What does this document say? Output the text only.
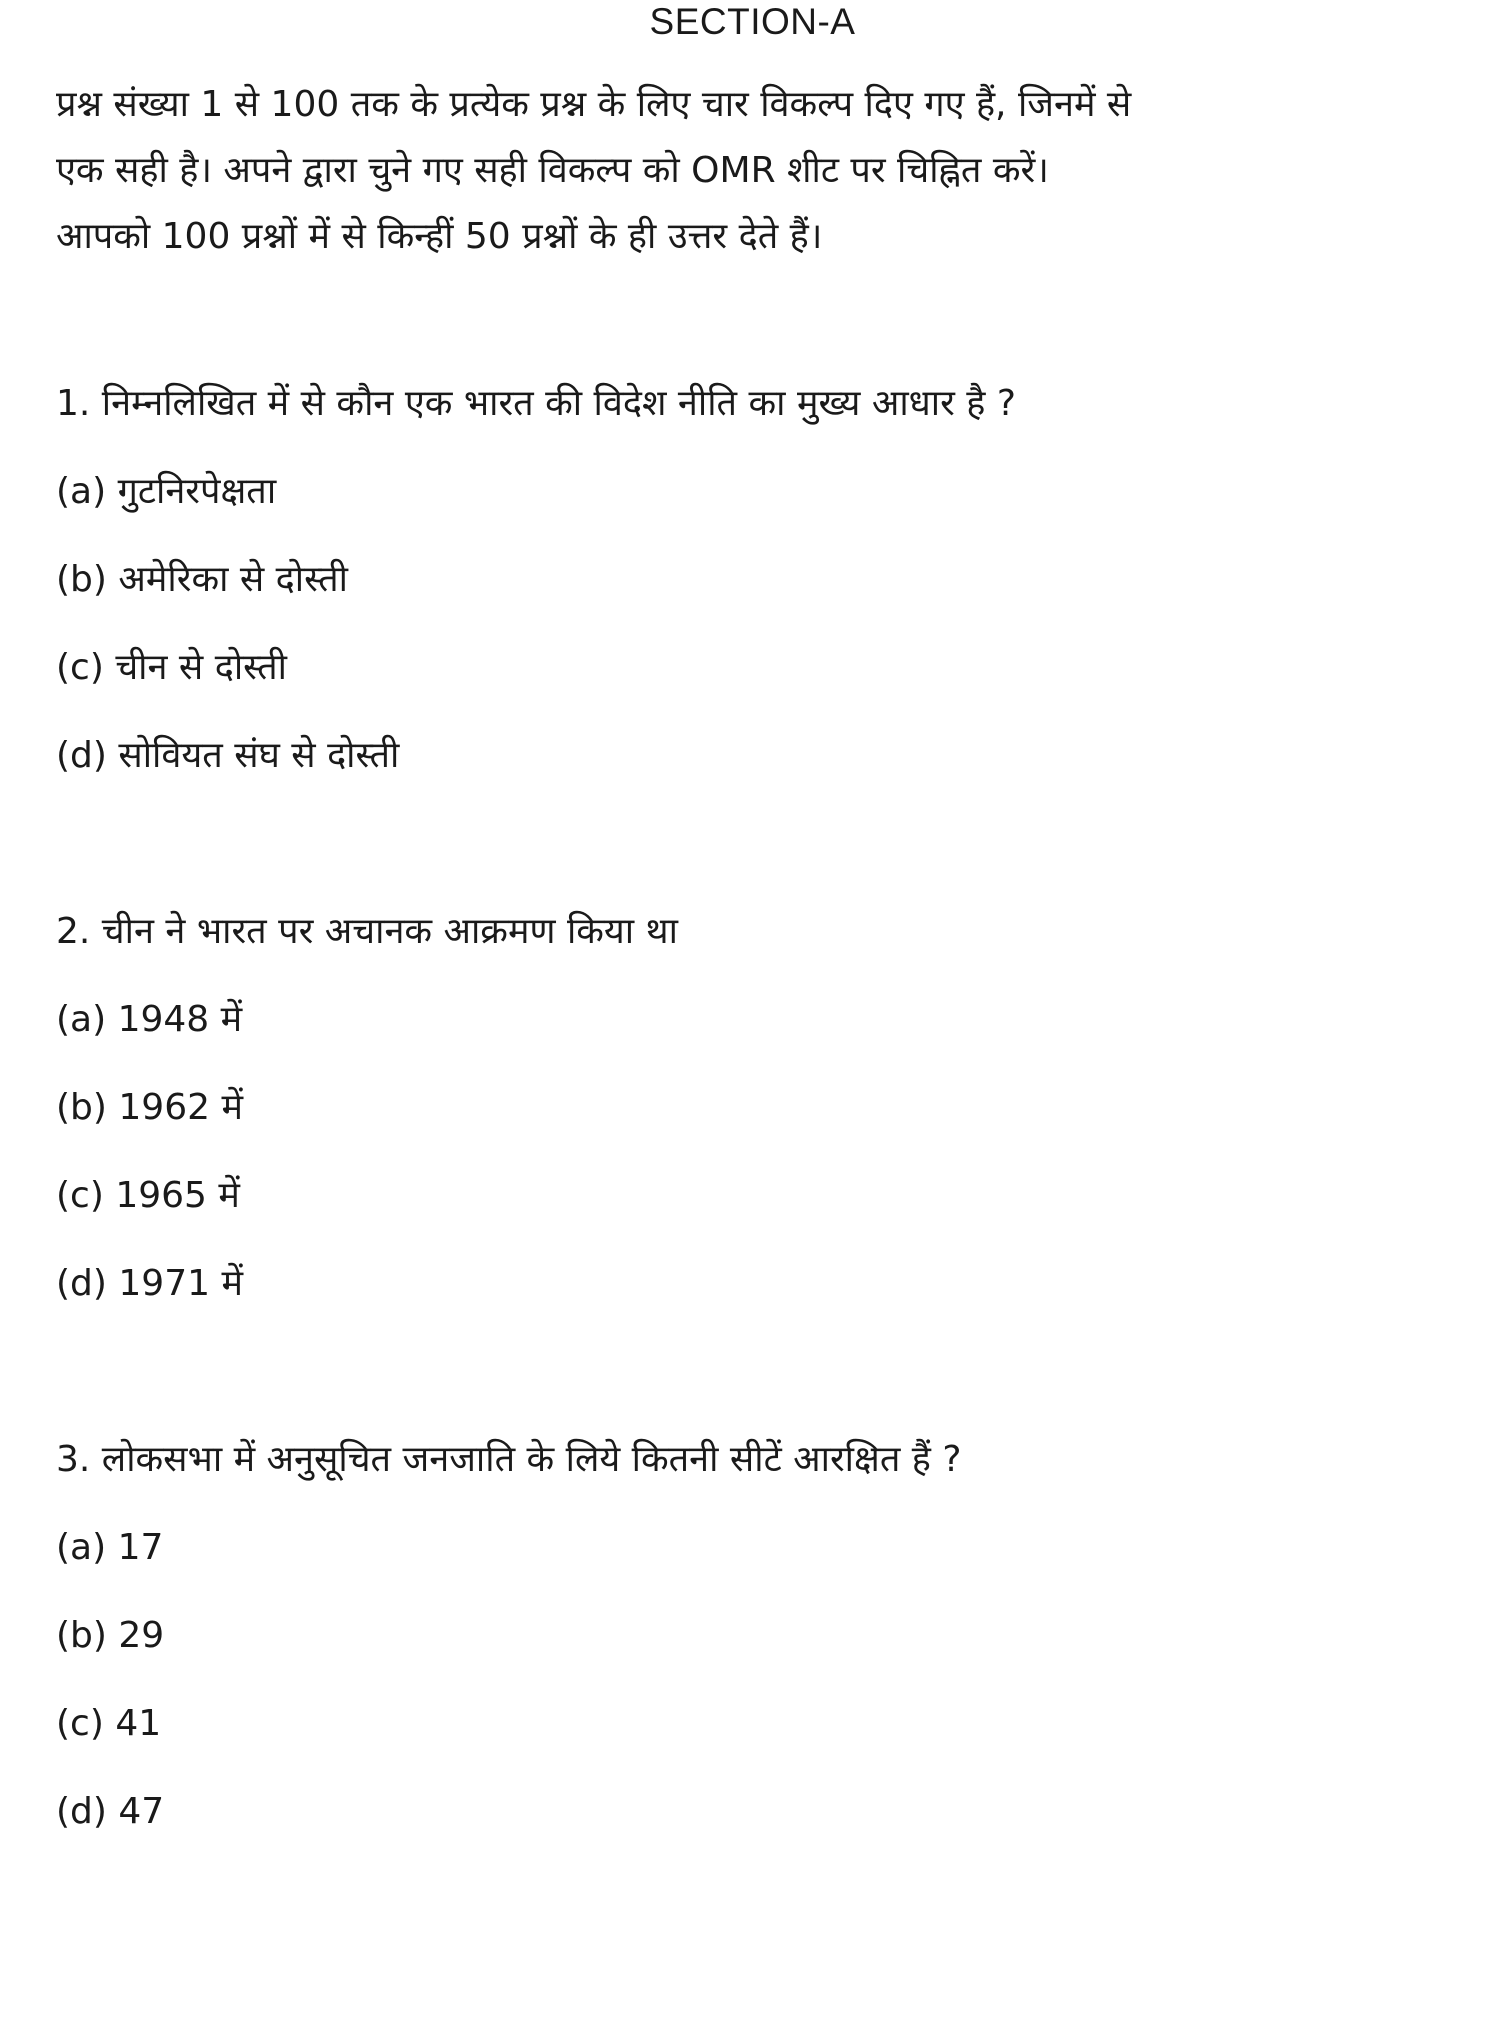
SECTION-A
प्रश्न संख्या 1 से 100 तक के प्रत्येक प्रश्न के लिए चार विकल्प दिए गए हैं, जिनमें से
एक सही है। अपने द्वारा चुने गए सही विकल्प को OMR शीट पर चिह्नित करें।
आपको 100 प्रश्नों में से किन्हीं 50 प्रश्नों के ही उत्तर देते हैं।
1. निम्नलिखित में से कौन एक भारत की विदेश नीति का मुख्य आधार है ?
(a) गुटनिरपेक्षता
(b) अमेरिका से दोस्ती
(c) चीन से दोस्ती
(d) सोवियत संघ से दोस्ती
2. चीन ने भारत पर अचानक आक्रमण किया था
(a) 1948 में
(b) 1962 में
(c) 1965 में
(d) 1971 में
3. लोकसभा में अनुसूचित जनजाति के लिये कितनी सीटें आरक्षित हैं ?
(a) 17
(b) 29
(c) 41
(d) 47
